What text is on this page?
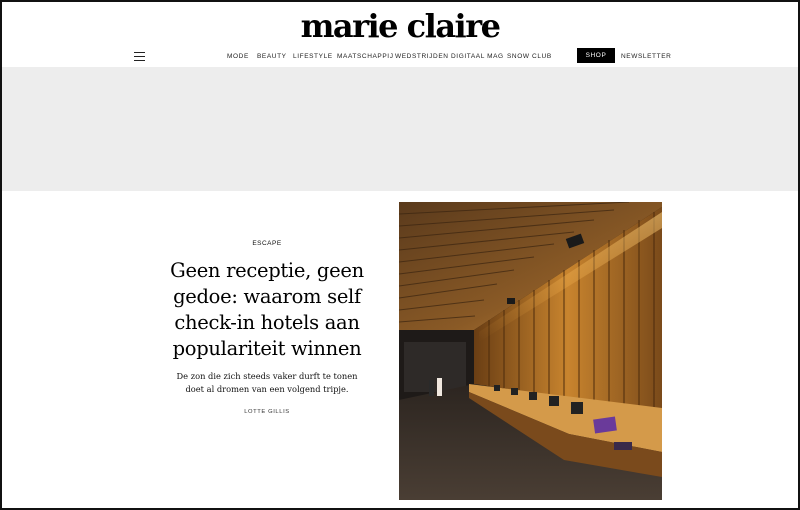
marie claire
MODE BEAUTY LIFESTYLE MAATSCHAPPIJ WEDSTRIJDEN DIGITAAL MAG SNOW CLUB	NEWSLETTER
SHOP
ESCAPE
Geen receptie, geen gedoe: waarom self check-in hotels aan populariteit winnen
De zon die zich steeds vaker durft te tonen doet al dromen van een volgend tripje.
LOTTE GILLIS
